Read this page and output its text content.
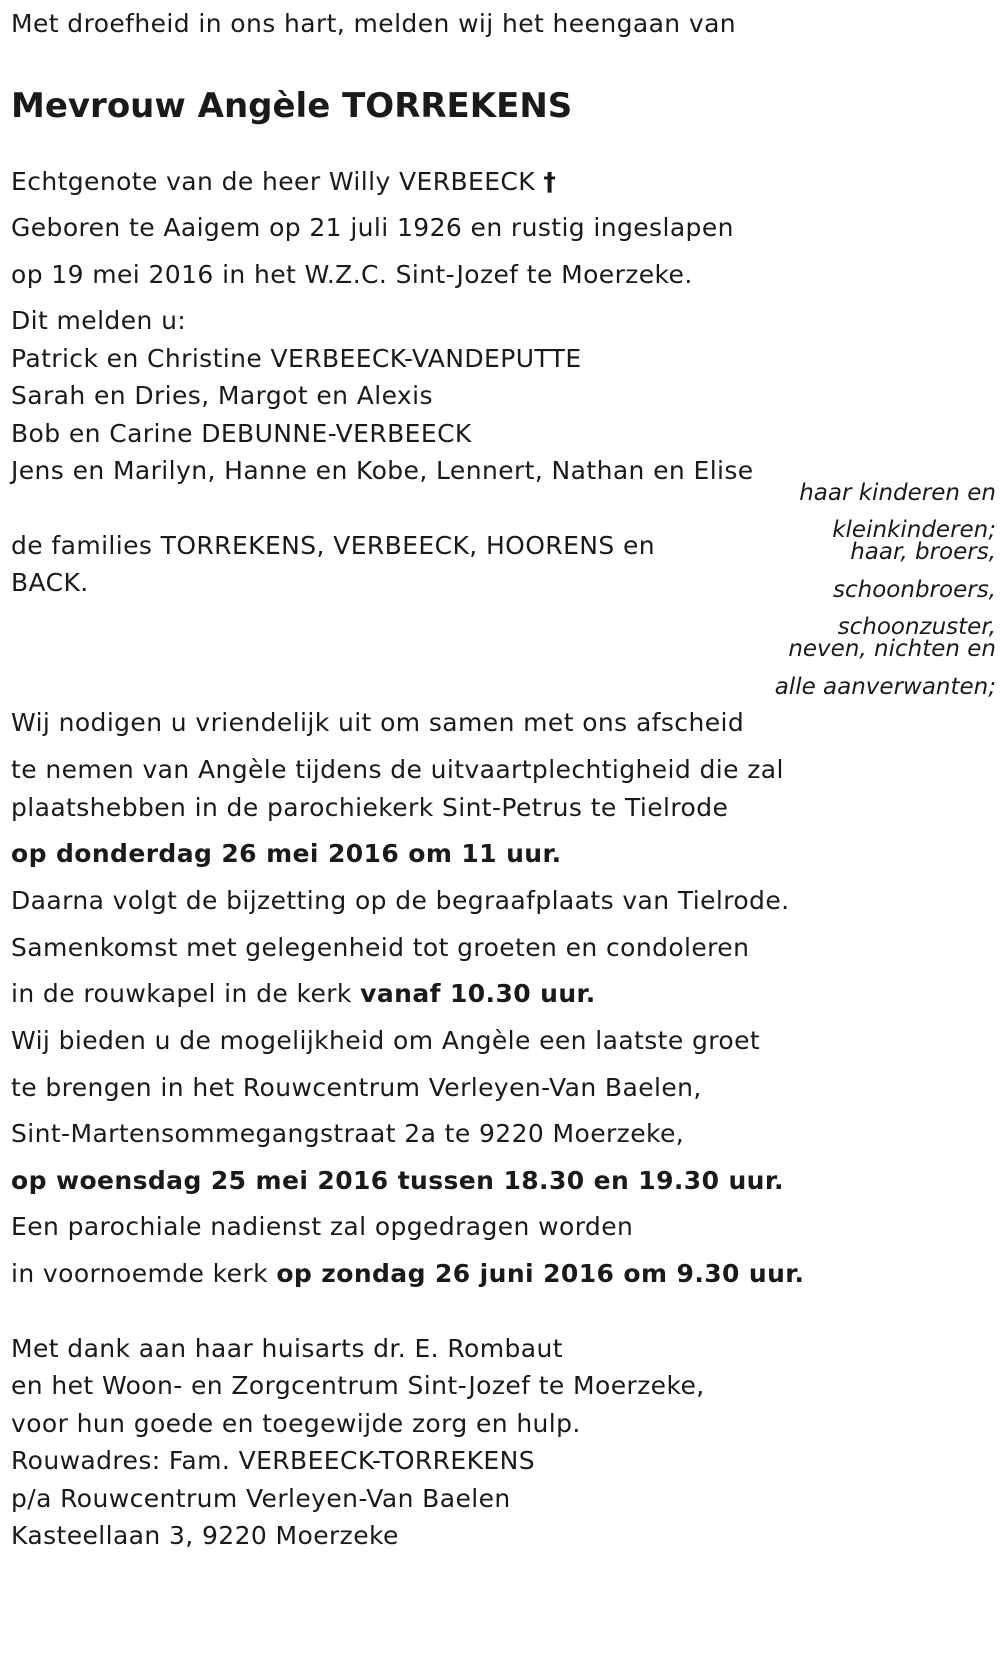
Met droefheid in ons hart, melden wij het heengaan van
Mevrouw Angèle TORREKENS
Echtgenote van de heer Willy VERBEECK †
Geboren te Aaigem op 21 juli 1926 en rustig ingeslapen
op 19 mei 2016 in het W.Z.C. Sint-Jozef te Moerzeke.
Dit melden u:
Patrick en Christine VERBEECK-VANDEPUTTE
Sarah en Dries, Margot en Alexis
Bob en Carine DEBUNNE-VERBEECK
Jens en Marilyn, Hanne en Kobe, Lennert, Nathan en Elise
haar kinderen en
kleinkinderen;
de families TORREKENS, VERBEECK, HOORENS en
BACK.
haar, broers,
schoonbroers,
schoonzuster,
neven, nichten en
alle aanverwanten;
Wij nodigen u vriendelijk uit om samen met ons afscheid
te nemen van Angèle tijdens de uitvaartplechtigheid die zal
plaatshebben in de parochiekerk Sint-Petrus te Tielrode
op donderdag 26 mei 2016 om 11 uur.
Daarna volgt de bijzetting op de begraafplaats van Tielrode.
Samenkomst met gelegenheid tot groeten en condoleren
in de rouwkapel in de kerk vanaf 10.30 uur.
Wij bieden u de mogelijkheid om Angèle een laatste groet
te brengen in het Rouwcentrum Verleyen-Van Baelen,
Sint-Martensommegangstraat 2a te 9220 Moerzeke,
op woensdag 25 mei 2016 tussen 18.30 en 19.30 uur.
Een parochiale nadienst zal opgedragen worden
in voornoemde kerk op zondag 26 juni 2016 om 9.30 uur.
Met dank aan haar huisarts dr. E. Rombaut
en het Woon- en Zorgcentrum Sint-Jozef te Moerzeke,
voor hun goede en toegewijde zorg en hulp.
Rouwadres: Fam. VERBEECK-TORREKENS
p/a Rouwcentrum Verleyen-Van Baelen
Kasteellaan 3, 9220 Moerzeke
